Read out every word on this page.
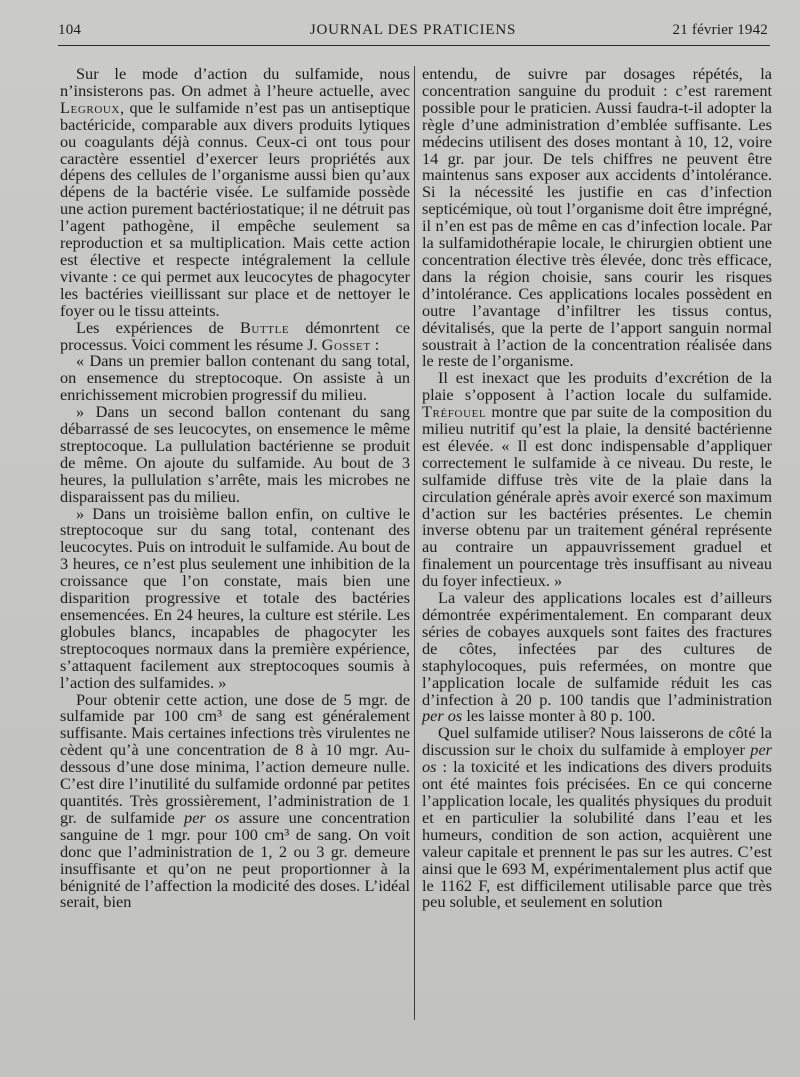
104	JOURNAL DES PRATICIENS	21 février 1942

Sur le mode d’action du sulfamide, nous n’insisterons pas. On admet à l’heure actuelle, avec Legroux, que le sulfamide n’est pas un antiseptique bactéricide, comparable aux divers produits lytiques ou coagulants déjà connus. Ceux-ci ont tous pour caractère essentiel d’exercer leurs propriétés aux dépens des cellules de l’organisme aussi bien qu’aux dépens de la bactérie visée. Le sulfamide possède une action purement bactériostatique; il ne détruit pas l’agent pathogène, il empêche seulement sa reproduction et sa multiplication. Mais cette action est élective et respecte intégralement la cellule vivante : ce qui permet aux leucocytes de phagocyter les bactéries vieillissant sur place et de nettoyer le foyer ou le tissu atteints.

Les expériences de Buttle démonrtent ce processus. Voici comment les résume J. Gosset :

« Dans un premier ballon contenant du sang total, on ensemence du streptocoque. On assiste à un enrichissement microbien progressif du milieu.

» Dans un second ballon contenant du sang débarrassé de ses leucocytes, on ensemence le même streptocoque. La pullulation bactérienne se produit de même. On ajoute du sulfamide. Au bout de 3 heures, la pullulation s’arrête, mais les microbes ne disparaissent pas du milieu.

» Dans un troisième ballon enfin, on cultive le streptocoque sur du sang total, contenant des leucocytes. Puis on introduit le sulfamide. Au bout de 3 heures, ce n’est plus seulement une inhibition de la croissance que l’on constate, mais bien une disparition progressive et totale des bactéries ensemencées. En 24 heures, la culture est stérile. Les globules blancs, incapables de phagocyter les streptocoques normaux dans la première expérience, s’attaquent facilement aux streptocoques soumis à l’action des sulfamides. »

Pour obtenir cette action, une dose de 5 mgr. de sulfamide par 100 cm³ de sang est généralement suffisante. Mais certaines infections très virulentes ne cèdent qu’à une concentration de 8 à 10 mgr. Au-dessous d’une dose minima, l’action demeure nulle. C’est dire l’inutilité du sulfamide ordonné par petites quantités. Très grossièrement, l’administration de 1 gr. de sulfamide per os assure une concentration sanguine de 1 mgr. pour 100 cm³ de sang. On voit donc que l’administration de 1, 2 ou 3 gr. demeure insuffisante et qu’on ne peut proportionner à la bénignité de l’affection la modicité des doses. L’idéal serait, bien

entendu, de suivre par dosages répétés, la concentration sanguine du produit : c’est rarement possible pour le praticien. Aussi faudra-t-il adopter la règle d’une administration d’emblée suffisante. Les médecins utilisent des doses montant à 10, 12, voire 14 gr. par jour. De tels chiffres ne peuvent être maintenus sans exposer aux accidents d’intolérance. Si la nécessité les justifie en cas d’infection septicémique, où tout l’organisme doit être imprégné, il n’en est pas de même en cas d’infection locale. Par la sulfamidothérapie locale, le chirurgien obtient une concentration élective très élevée, donc très efficace, dans la région choisie, sans courir les risques d’intolérance. Ces applications locales possèdent en outre l’avantage d’infiltrer les tissus contus, dévitalisés, que la perte de l’apport sanguin normal soustrait à l’action de la concentration réalisée dans le reste de l’organisme.

Il est inexact que les produits d’excrétion de la plaie s’opposent à l’action locale du sulfamide. Tréfouel montre que par suite de la composition du milieu nutritif qu’est la plaie, la densité bactérienne est élevée. « Il est donc indispensable d’appliquer correctement le sulfamide à ce niveau. Du reste, le sulfamide diffuse très vite de la plaie dans la circulation générale après avoir exercé son maximum d’action sur les bactéries présentes. Le chemin inverse obtenu par un traitement général représente au contraire un appauvrissement graduel et finalement un pourcentage très insuffisant au niveau du foyer infectieux. »

La valeur des applications locales est d’ailleurs démontrée expérimentalement. En comparant deux séries de cobayes auxquels sont faites des fractures de côtes, infectées par des cultures de staphylocoques, puis refermées, on montre que l’application locale de sulfamide réduit les cas d’infection à 20 p. 100 tandis que l’administration per os les laisse monter à 80 p. 100.

Quel sulfamide utiliser? Nous laisserons de côté la discussion sur le choix du sulfamide à employer per os : la toxicité et les indications des divers produits ont été maintes fois précisées. En ce qui concerne l’application locale, les qualités physiques du produit et en particulier la solubilité dans l’eau et les humeurs, condition de son action, acquièrent une valeur capitale et prennent le pas sur les autres. C’est ainsi que le 693 M, expérimentalement plus actif que le 1162 F, est difficilement utilisable parce que très peu soluble, et seulement en solution
